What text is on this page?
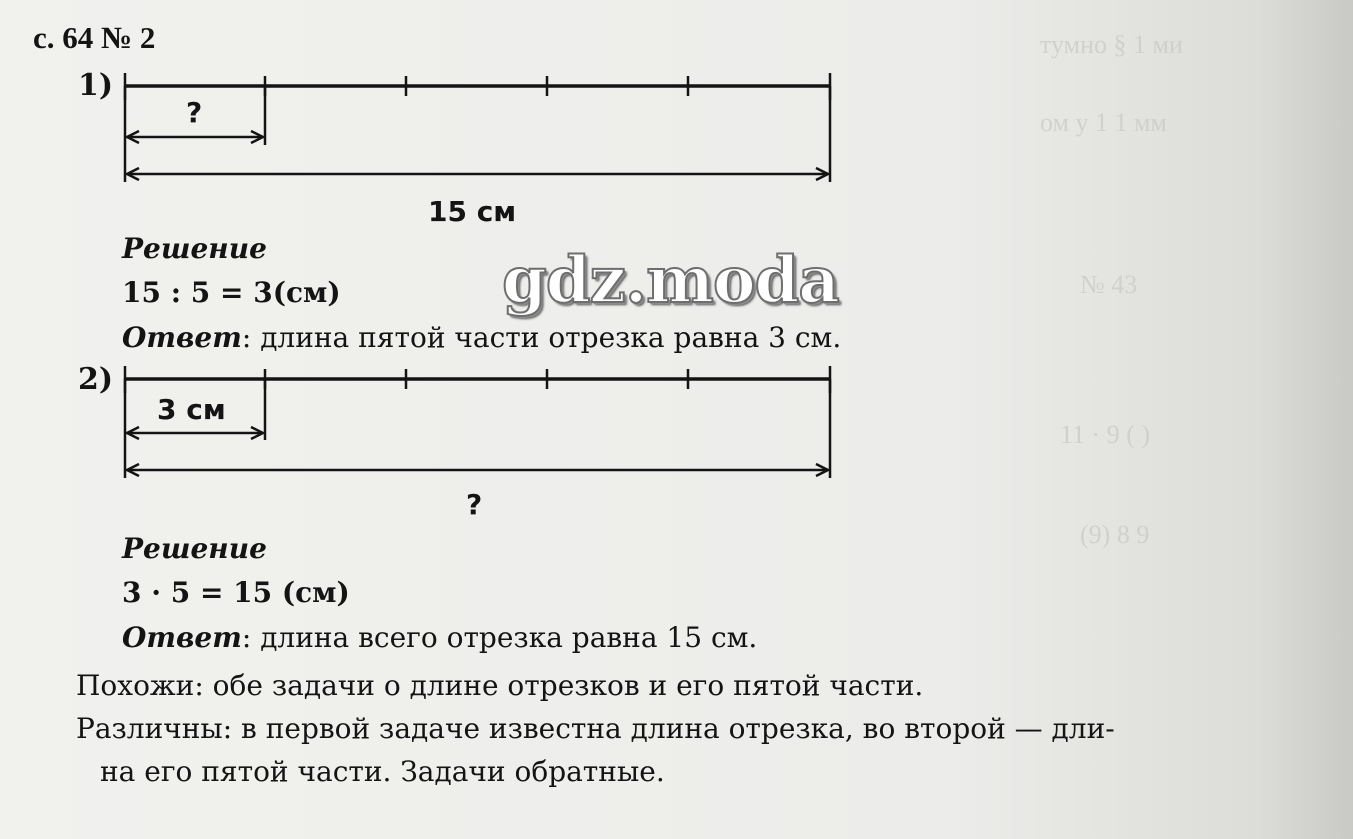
тумно § 1 ми
ом у 1 1 мм
№ 43
11 · 9 ( )
(9) 8 9
с. 64 № 2
1)
?
15 см
Решение
15 : 5 = 3(см)
Ответ: длина пятой части отрезка равна 3 см.
2)
3 см
?
Решение
3 · 5 = 15 (см)
Ответ: длина всего отрезка равна 15 см.
Похожи: обе задачи о длине отрезков и его пятой части.
Различны: в первой задаче известна длина отрезка, во второй — дли-
на его пятой части. Задачи обратные.
gdz.moda
